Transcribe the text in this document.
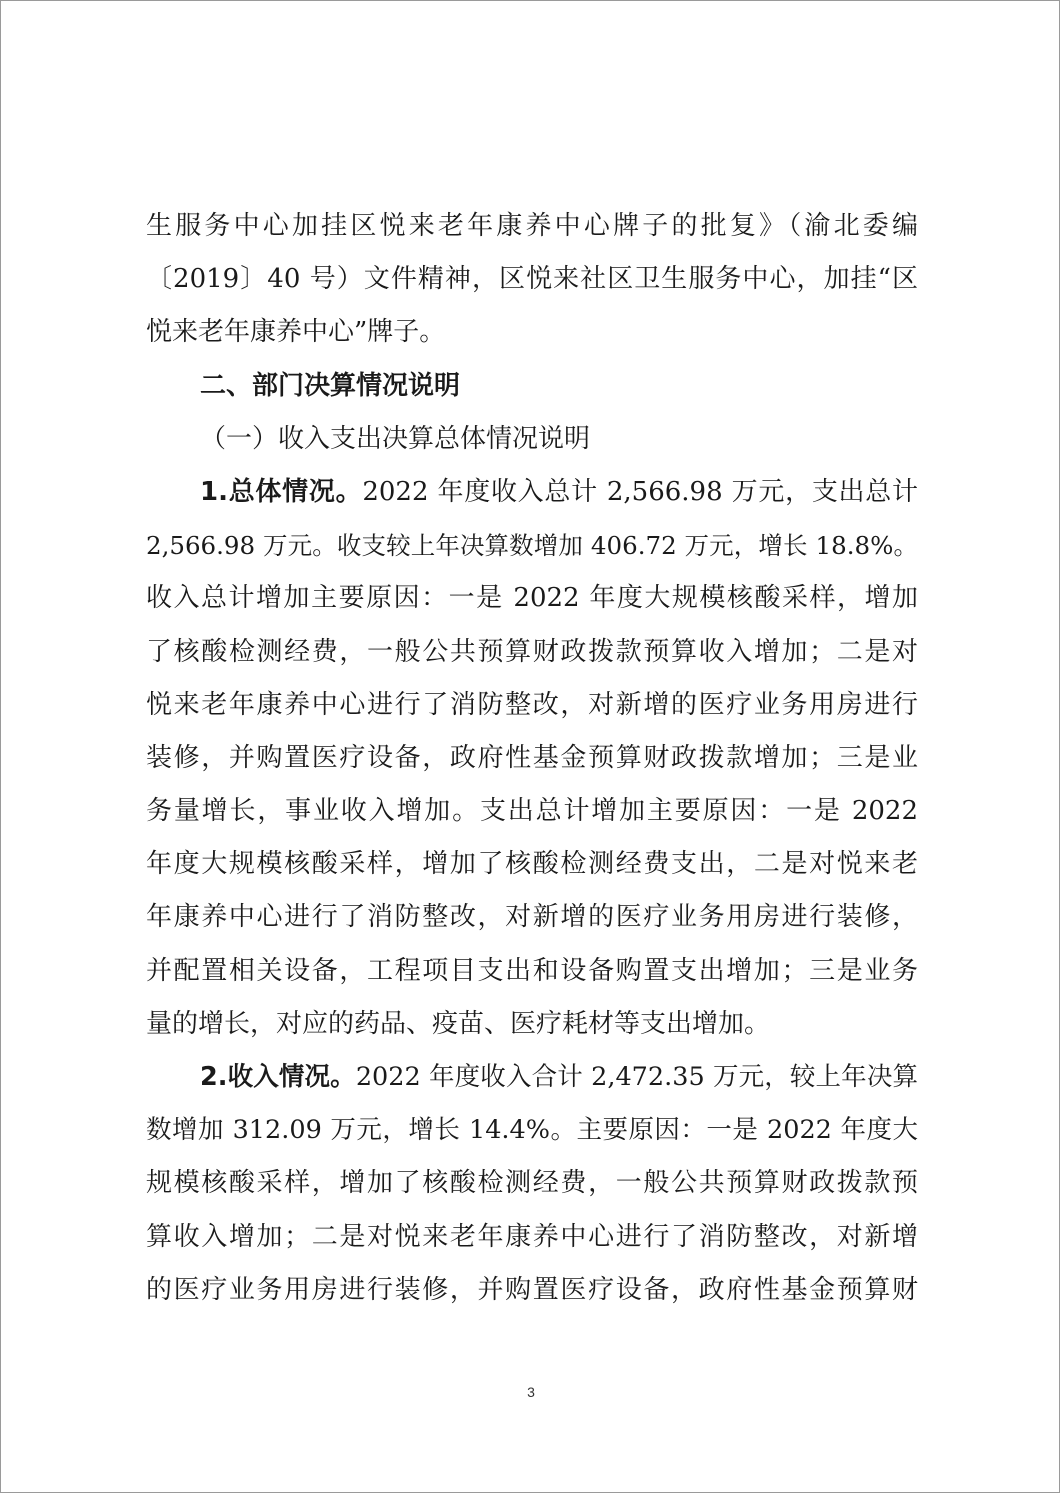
生服务中心加挂区悦来老年康养中心牌子的批复》（渝北委编
〔2019〕40 号）文件精神，区悦来社区卫生服务中心，加挂“区
悦来老年康养中心”牌子。
二、部门决算情况说明
（一）收入支出决算总体情况说明
1.总体情况。2022 年度收入总计 2,566.98 万元，支出总计
2,566.98 万元。收支较上年决算数增加 406.72 万元，增长 18.8%。
收入总计增加主要原因：一是 2022 年度大规模核酸采样，增加
了核酸检测经费，一般公共预算财政拨款预算收入增加；二是对
悦来老年康养中心进行了消防整改，对新增的医疗业务用房进行
装修，并购置医疗设备，政府性基金预算财政拨款增加；三是业
务量增长，事业收入增加。支出总计增加主要原因：一是 2022
年度大规模核酸采样，增加了核酸检测经费支出，二是对悦来老
年康养中心进行了消防整改，对新增的医疗业务用房进行装修，
并配置相关设备，工程项目支出和设备购置支出增加；三是业务
量的增长，对应的药品、疫苗、医疗耗材等支出增加。
2.收入情况。2022 年度收入合计 2,472.35 万元，较上年决算
数增加 312.09 万元，增长 14.4%。主要原因：一是 2022 年度大
规模核酸采样，增加了核酸检测经费，一般公共预算财政拨款预
算收入增加；二是对悦来老年康养中心进行了消防整改，对新增
的医疗业务用房进行装修，并购置医疗设备，政府性基金预算财
3
